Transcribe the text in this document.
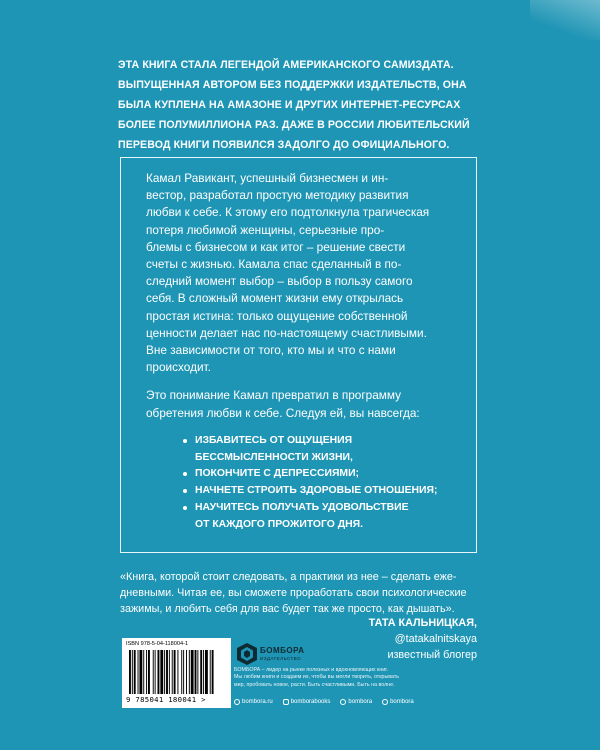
ЭТА КНИГА СТАЛА ЛЕГЕНДОЙ АМЕРИКАНСКОГО САМИЗДАТА.

ВЫПУЩЕННАЯ АВТОРОМ БЕЗ ПОДДЕРЖКИ ИЗДАТЕЛЬСТВ, ОНА

БЫЛА КУПЛЕНА НА АМАЗОНЕ И ДРУГИХ ИНТЕРНЕТ-РЕСУРСАХ

БОЛЕЕ ПОЛУМИЛЛИОНА РАЗ. ДАЖЕ В РОССИИ ЛЮБИТЕЛЬСКИЙ

ПЕРЕВОД КНИГИ ПОЯВИЛСЯ ЗАДОЛГО ДО ОФИЦИАЛЬНОГО.

Камал Равикант, успешный бизнесмен и ин-

вестор, разработал простую методику развития

любви к себе. К этому его подтолкнула трагическая

потеря любимой женщины, серьезные про-

блемы с бизнесом и как итог – решение свести

счеты с жизнью. Камала спас сделанный в по-

следний момент выбор – выбор в пользу самого

себя. В сложный момент жизни ему открылась

простая истина: только ощущение собственной

ценности делает нас по-настоящему счастливыми.

Вне зависимости от того, кто мы и что с нами

происходит.

Это понимание Камал превратил в программу

обретения любви к себе. Следуя ей, вы навсегда:

ИЗБАВИТЕСЬ ОТ ОЩУЩЕНИЯ
БЕССМЫСЛЕННОСТИ ЖИЗНИ,
ПОКОНЧИТЕ С ДЕПРЕССИЯМИ;
НАЧНЕТЕ СТРОИТЬ ЗДОРОВЫЕ ОТНОШЕНИЯ;
НАУЧИТЕСЬ ПОЛУЧАТЬ УДОВОЛЬСТВИЕ
ОТ КАЖДОГО ПРОЖИТОГО ДНЯ.

«Книга, которой стоит следовать, а практики из нее – сделать еже-

дневными. Читая ее, вы сможете проработать свои психологические

зажимы, и любить себя для вас будет так же просто, как дышать».

ТАТА КАЛЬНИЦКАЯ,
@tatakalnitskaya
известный блогер
ISBN 978-5-04-118004-1
9 785041 180041 >
БОМБОРА
ИЗДАТЕЛЬСТВО

БОМБОРА – лидер на рынке полезных и вдохновляющих книг.

Мы любим книги и создаем их, чтобы вы могли творить, открывать

мир, пробовать новое, расти. Быть счастливыми. Быть на волне.

bombora.ru	bomborabooks	bombora	bombora
